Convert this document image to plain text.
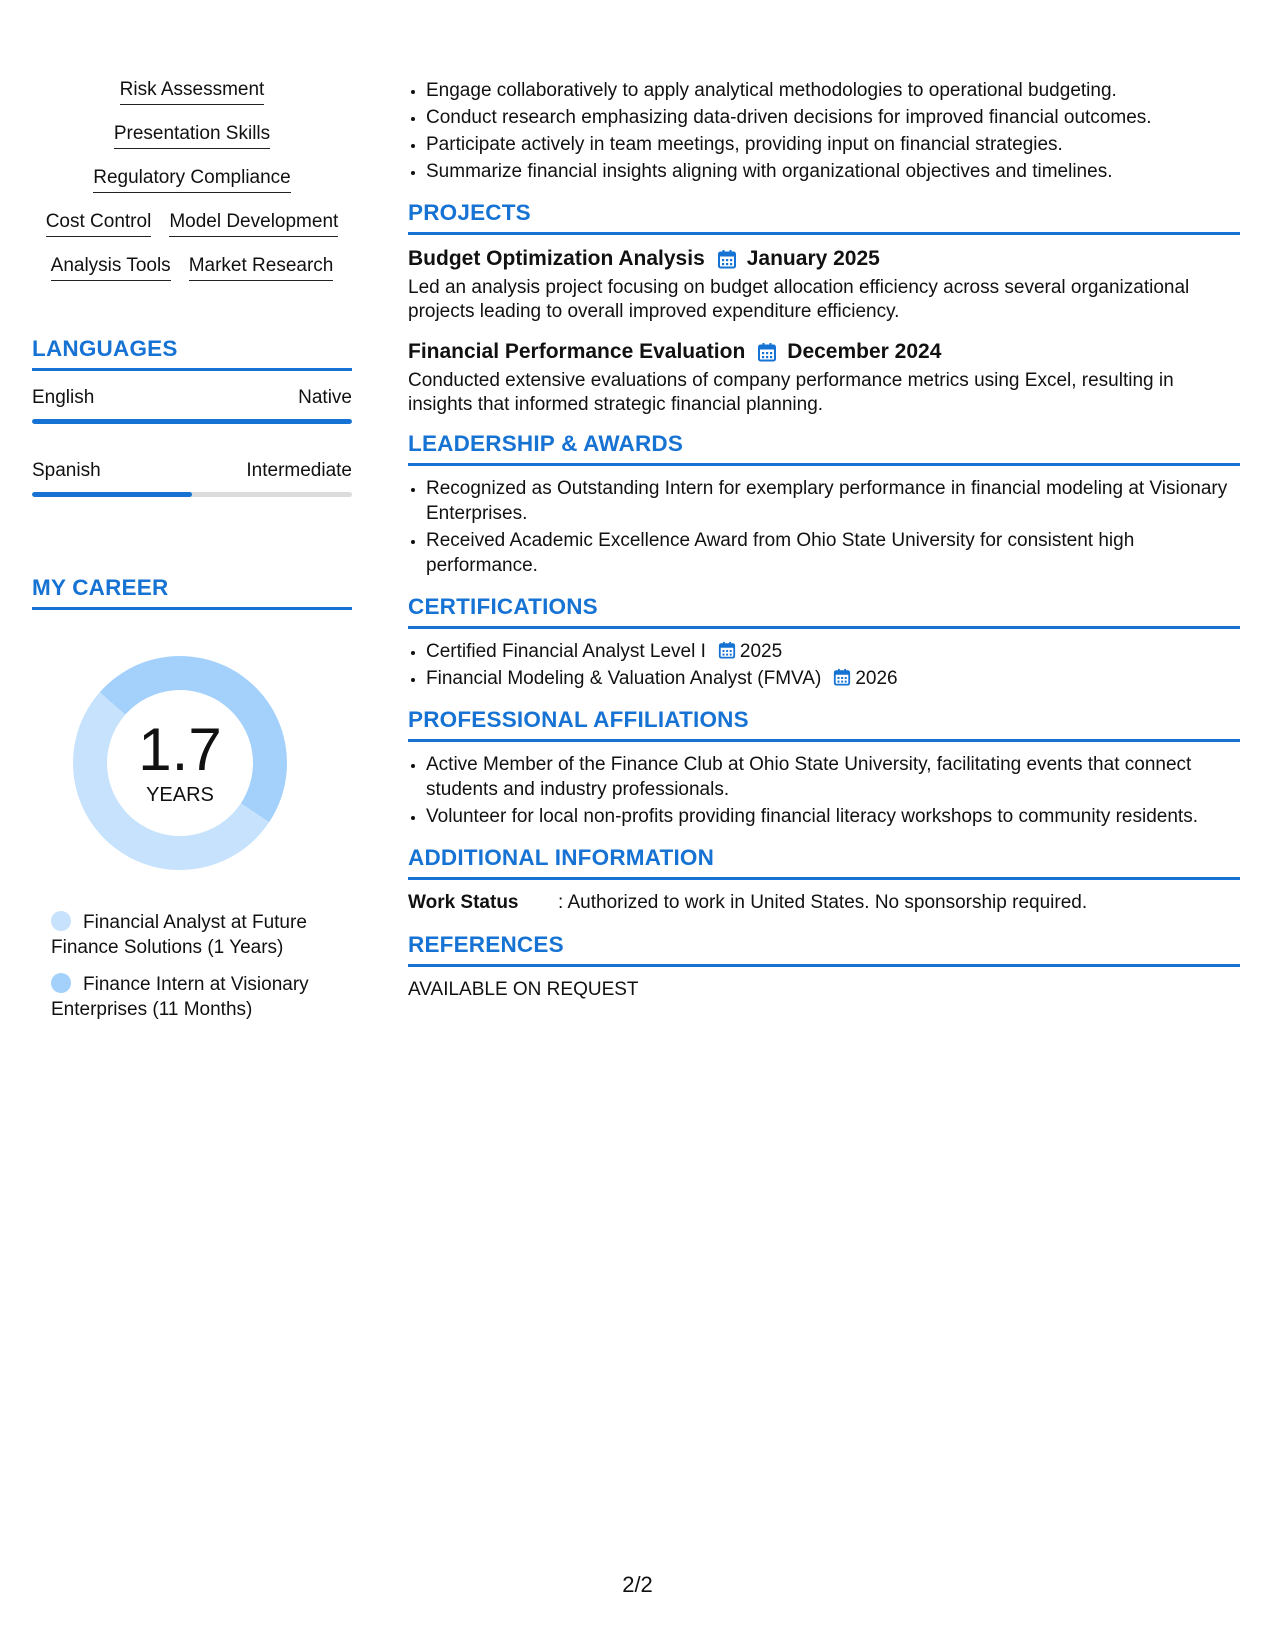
Risk Assessment
Presentation Skills
Regulatory Compliance
Cost Control Model Development
Analysis Tools Market Research
LANGUAGES
English	Native
Spanish	Intermediate
MY CAREER
1.7
YEARS
Financial Analyst at Future Finance Solutions (1 Years)
Finance Intern at Visionary Enterprises (11 Months)
• Engage collaboratively to apply analytical methodologies to operational budgeting.
• Conduct research emphasizing data-driven decisions for improved financial outcomes.
• Participate actively in team meetings, providing input on financial strategies.
• Summarize financial insights aligning with organizational objectives and timelines.
PROJECTS
Budget Optimization Analysis January 2025
Led an analysis project focusing on budget allocation efficiency across several organizational projects leading to overall improved expenditure efficiency.
Financial Performance Evaluation December 2024
Conducted extensive evaluations of company performance metrics using Excel, resulting in insights that informed strategic financial planning.
LEADERSHIP & AWARDS
• Recognized as Outstanding Intern for exemplary performance in financial modeling at Visionary Enterprises.
• Received Academic Excellence Award from Ohio State University for consistent high performance.
CERTIFICATIONS
• Certified Financial Analyst Level I 2025
• Financial Modeling & Valuation Analyst (FMVA) 2026
PROFESSIONAL AFFILIATIONS
• Active Member of the Finance Club at Ohio State University, facilitating events that connect students and industry professionals.
• Volunteer for local non-profits providing financial literacy workshops to community residents.
ADDITIONAL INFORMATION
Work Status	: Authorized to work in United States. No sponsorship required.
REFERENCES
AVAILABLE ON REQUEST
2/2
